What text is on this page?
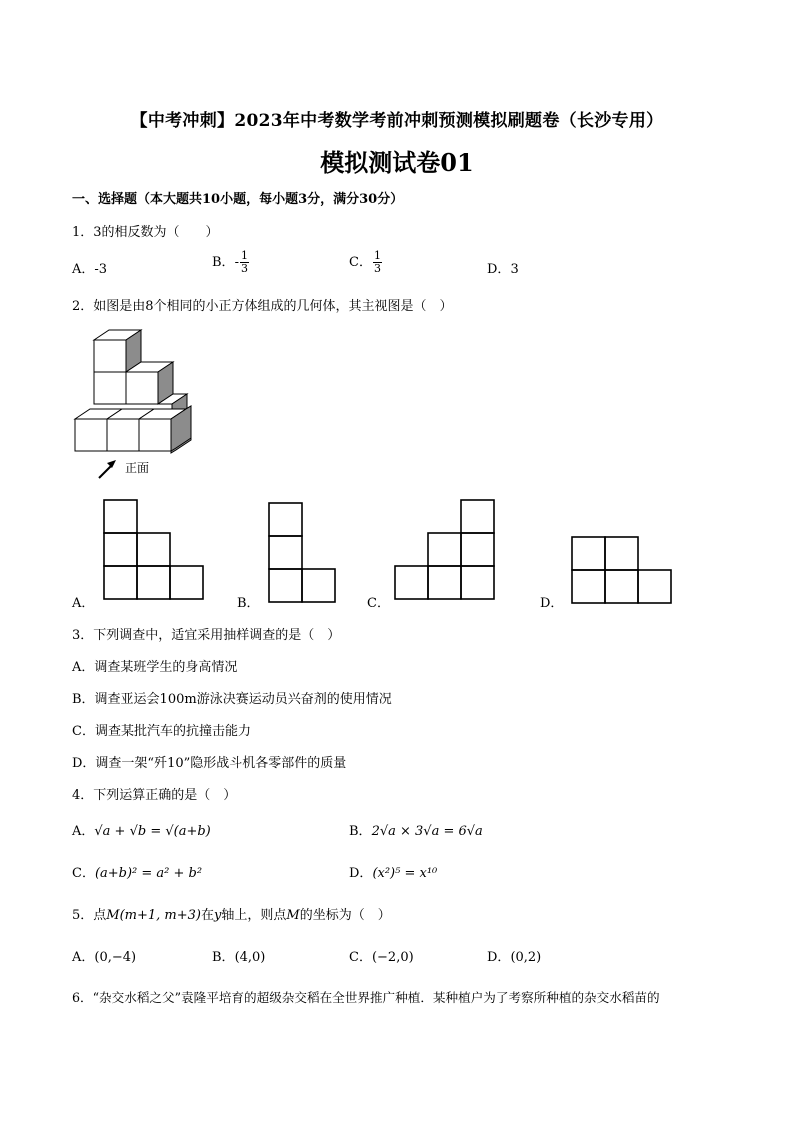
【中考冲刺】2023年中考数学考前冲刺预测模拟刷题卷（长沙专用）
模拟测试卷01
一、选择题（本大题共10小题，每小题3分，满分30分）
1．3的相反数为（　　）
A．-3	B．- $\frac{1}{3}$	C． $\frac{1}{3}$	D．3
2．如图是由8个相同的小正方体组成的几何体，其主视图是（　）
正面
A．	B．	C．	D．
3．下列调查中，适宜采用抽样调查的是（　）
A．调查某班学生的身高情况
B．调查亚运会100m游泳决赛运动员兴奋剂的使用情况
C．调查某批汽车的抗撞击能力
D．调查一架“歼10”隐形战斗机各零部件的质量
4．下列运算正确的是（　）
A．√a + √b = √(a+b)	B．2√a × 3√a = 6√a
C．(a+b)² = a² + b²	D．(x²)⁵ = x¹⁰
5．点M(m+1, m+3)在y轴上，则点M的坐标为（　）
A．(0,−4)	B．(4,0)	C．(−2,0)	D．(0,2)
6．“杂交水稻之父”袁隆平培育的超级杂交稻在全世界推广种植．某种植户为了考察所种植的杂交水稻苗的
